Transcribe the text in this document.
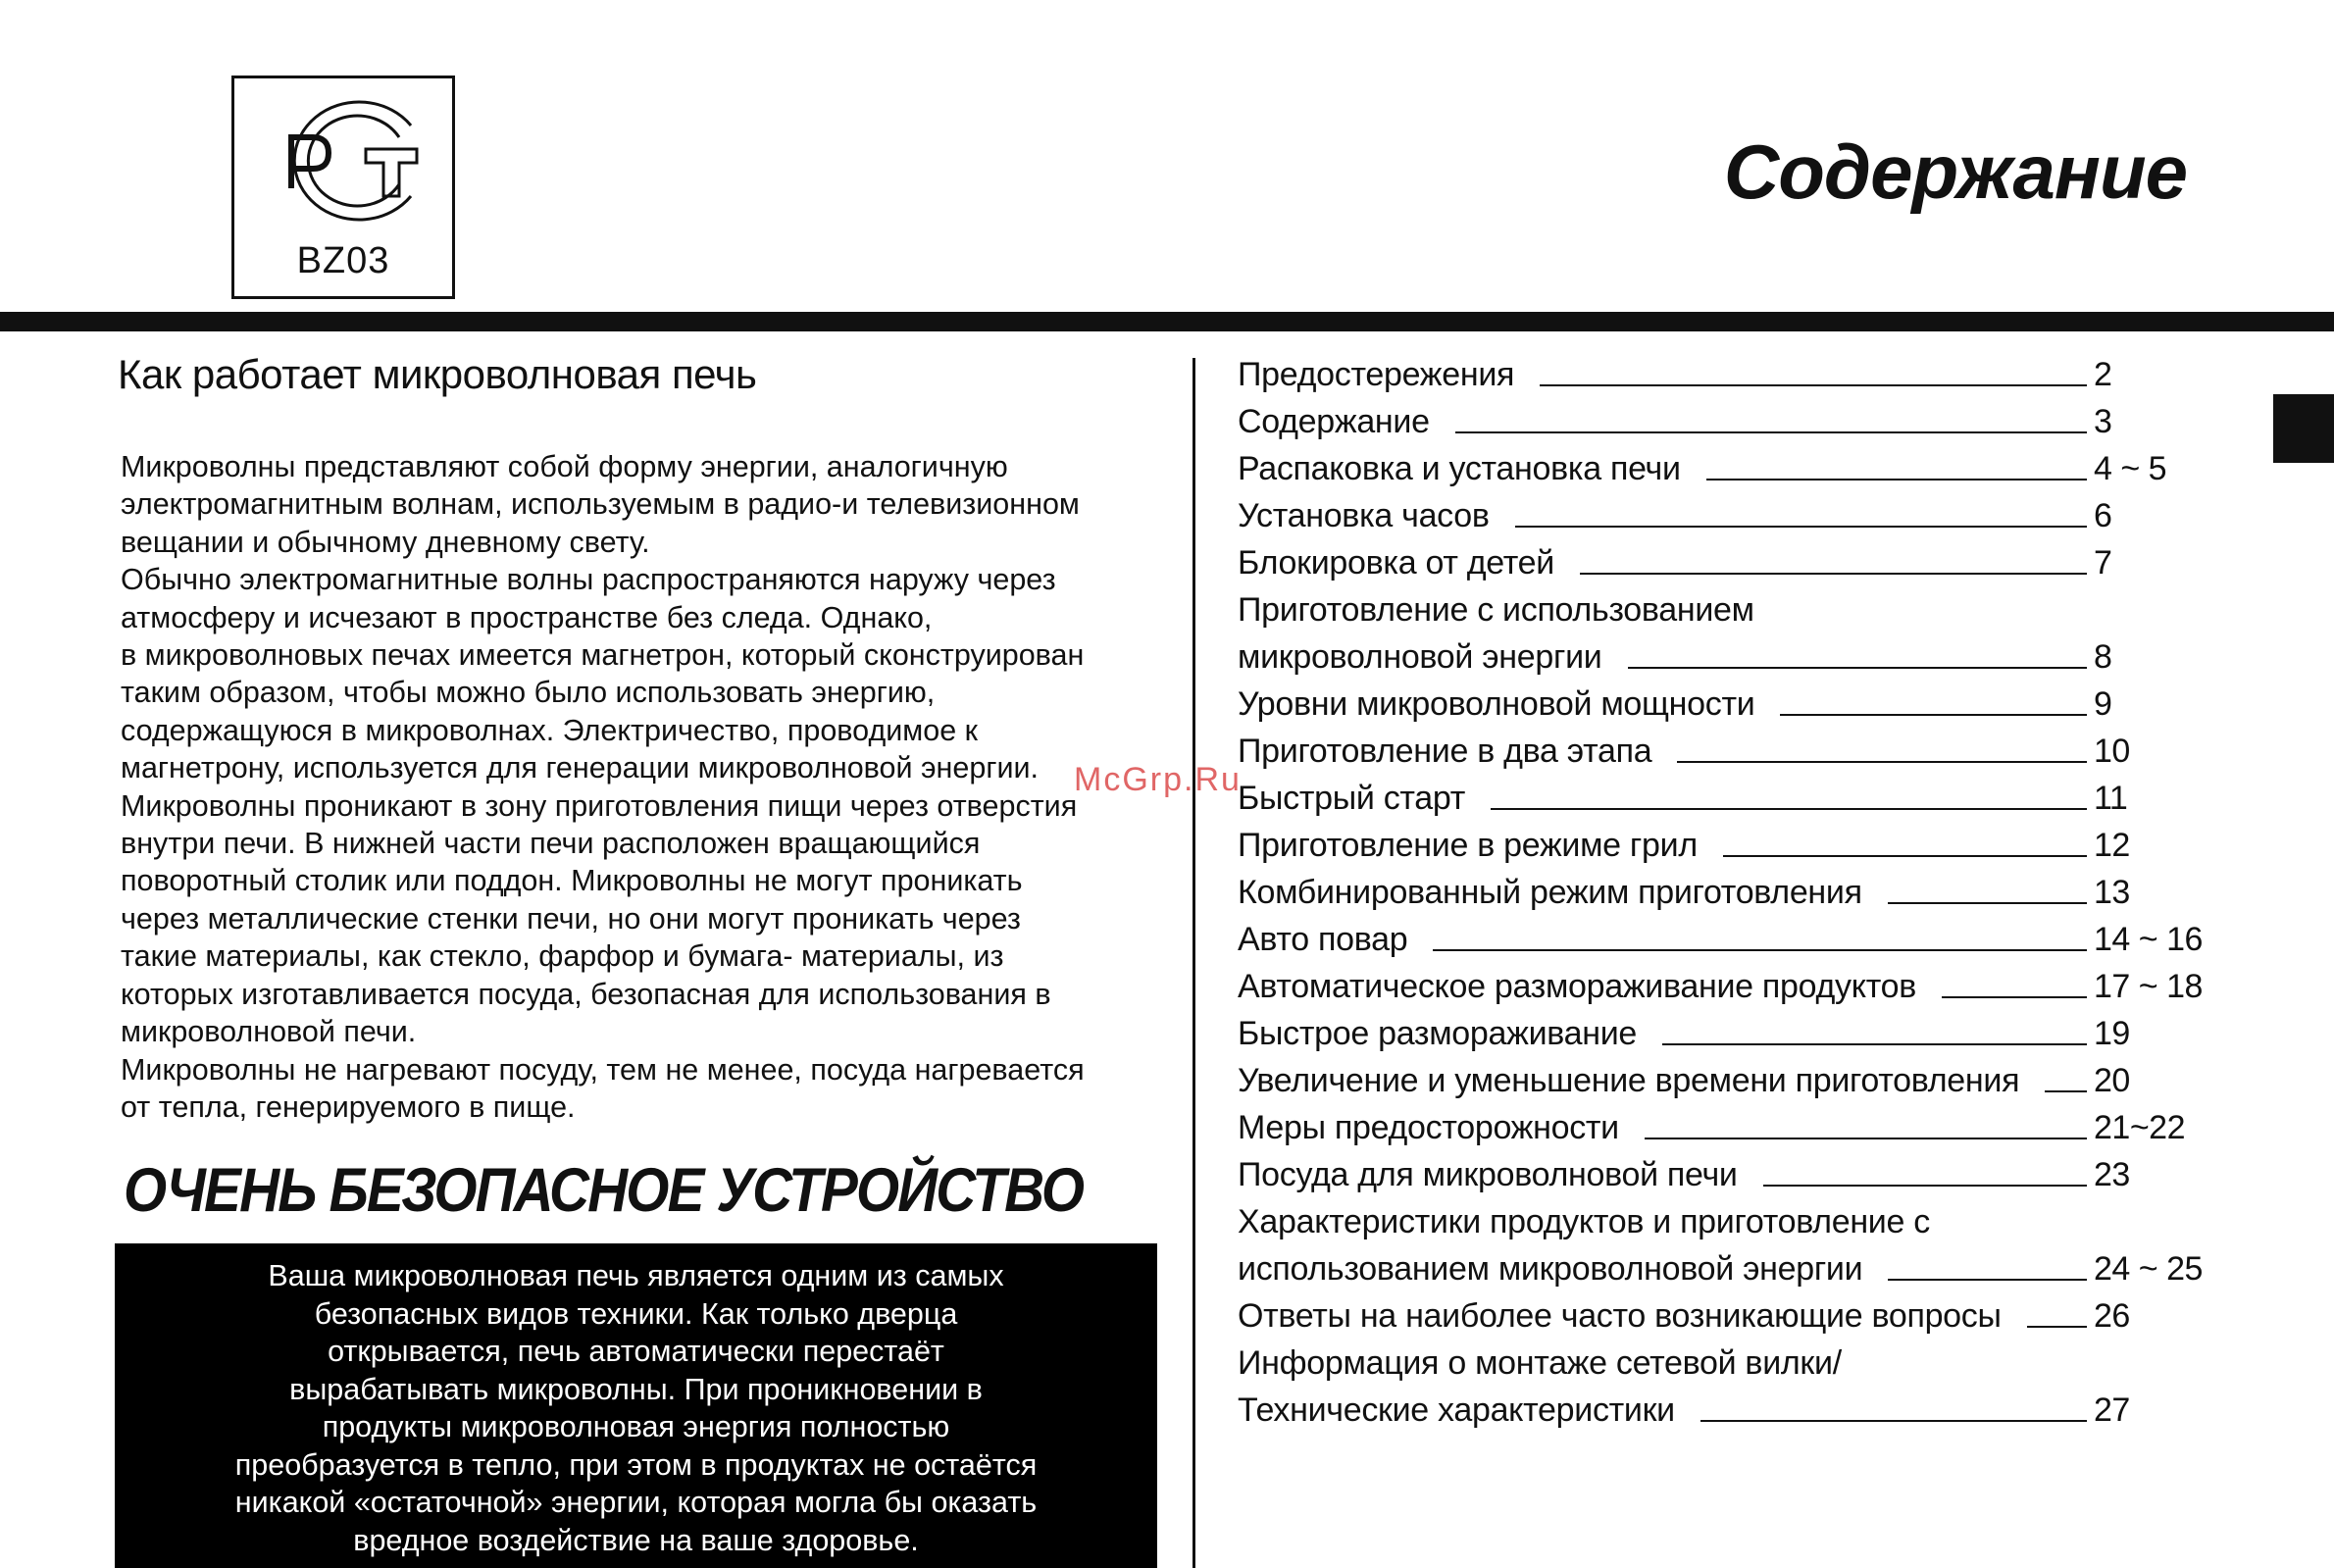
BZ03
Содержание
Как работает микроволновая печь
Микроволны представляют собой форму энергии, аналогичную
электромагнитным волнам, используемым в радио-и телевизионном
вещании и обычному дневному свету.
Обычно электромагнитные волны распространяются наружу через
атмосферу и исчезают в пространстве без следа. Однако,
в микроволновых печах имеется магнетрон, который сконструирован
таким образом, чтобы можно было использовать энергию,
содержащуюся в микроволнах. Электричество, проводимое к
магнетрону, используется для генерации микроволновой энергии.
Микроволны проникают в зону приготовления пищи через отверстия
внутри печи. В нижней части печи расположен вращающийся
поворотный столик или поддон. Микроволны не могут проникать
через металлические стенки печи, но они могут проникать через
такие материалы, как стекло, фарфор и бумага- материалы, из
которых изготавливается посуда, безопасная для использования в
микроволновой печи.
Микроволны не нагревают посуду, тем не менее, посуда нагревается
от тепла, генерируемого в пище.
ОЧЕНЬ БЕЗОПАСНОЕ УСТРОЙСТВО
Ваша микроволновая печь является одним из самых
безопасных видов техники. Как только дверца
открывается, печь автоматически перестаёт
вырабатывать микроволны. При проникновении в
продукты микроволновая энергия полностью
преобразуется в тепло, при этом в продуктах не остаётся
никакой «остаточной» энергии, которая могла бы оказать
вредное воздействие на ваше здоровье.
McGrp.Ru
Предостережения	2
Содержание	3
Распаковка и установка печи	4 ~ 5
Установка часов	6
Блокировка от детей	7
Приготовление с использованием
микроволновой энергии	8
Уровни микроволновой мощности	9
Приготовление в два этапа	10
Быстрый старт	11
Приготовление в режиме грил	12
Комбинированный режим приготовления	13
Авто повар	14 ~ 16
Автоматическое размораживание продуктов	17 ~ 18
Быстрое размораживание	19
Увеличение и уменьшение времени приготовления 20
Меры предосторожности	21~22
Посуда для микроволновой печи	23
Характеристики продуктов и приготовление с
использованием микроволновой энергии	24 ~ 25
Ответы на наиболее часто возникающие вопросы	26
Информация о монтаже сетевой вилки/
Технические характеристики	27
